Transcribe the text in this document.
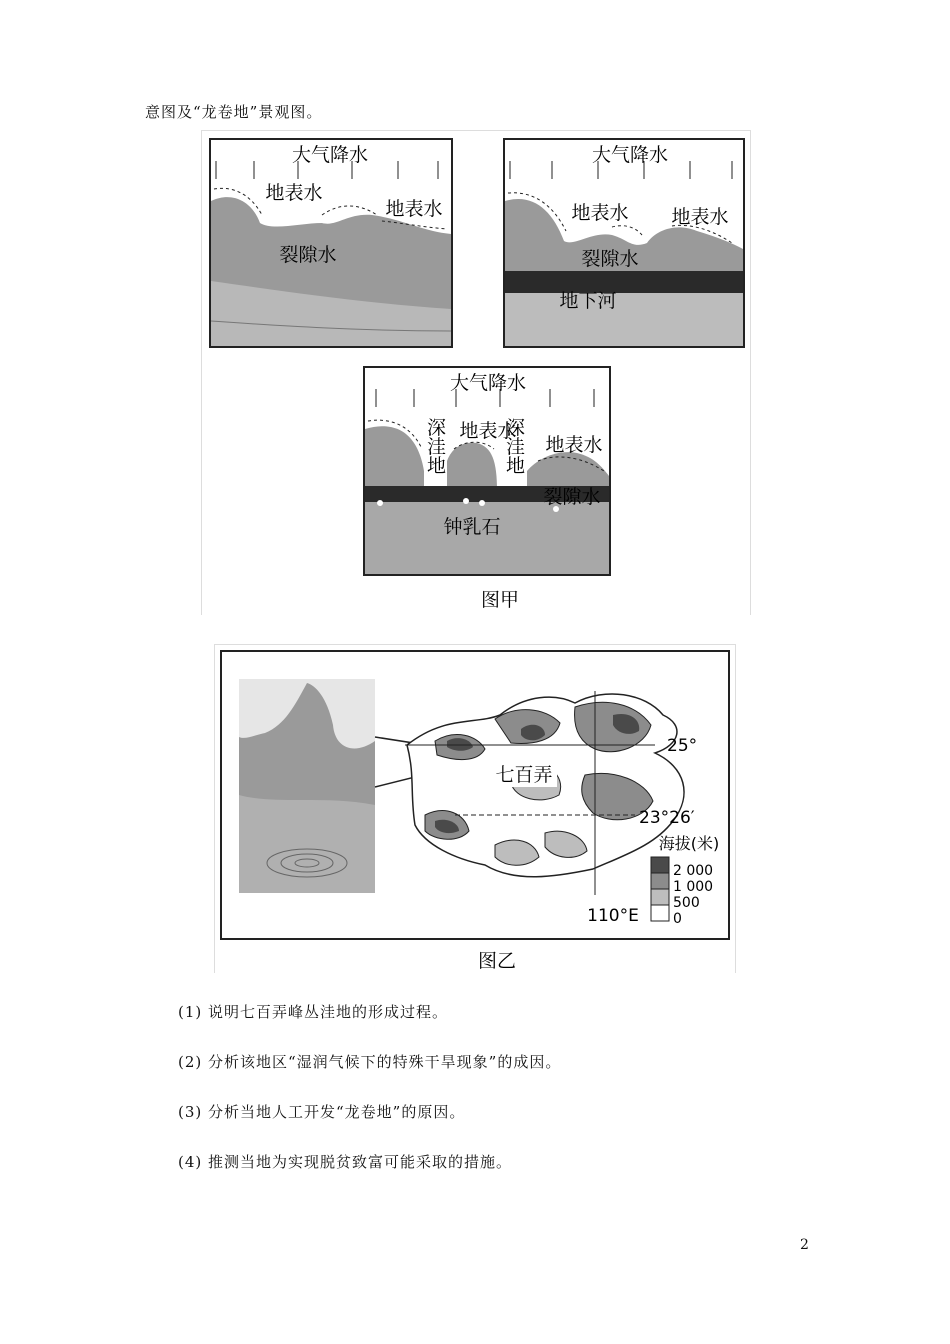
意图及“龙卷地”景观图。
大气降水
地表水
地表水
裂隙水
大气降水
地表水 地表水
裂隙水
地下河
大气降水
地表水
地表水
深洼地	深洼地
裂隙水
钟乳石
图甲
25°
23°26′
110°E
七百弄
海拔(米)
2 000
1 000
500
0
图乙
(1) 说明七百弄峰丛洼地的形成过程。
(2) 分析该地区“湿润气候下的特殊干旱现象”的成因。
(3) 分析当地人工开发“龙卷地”的原因。
(4) 推测当地为实现脱贫致富可能采取的措施。
2
